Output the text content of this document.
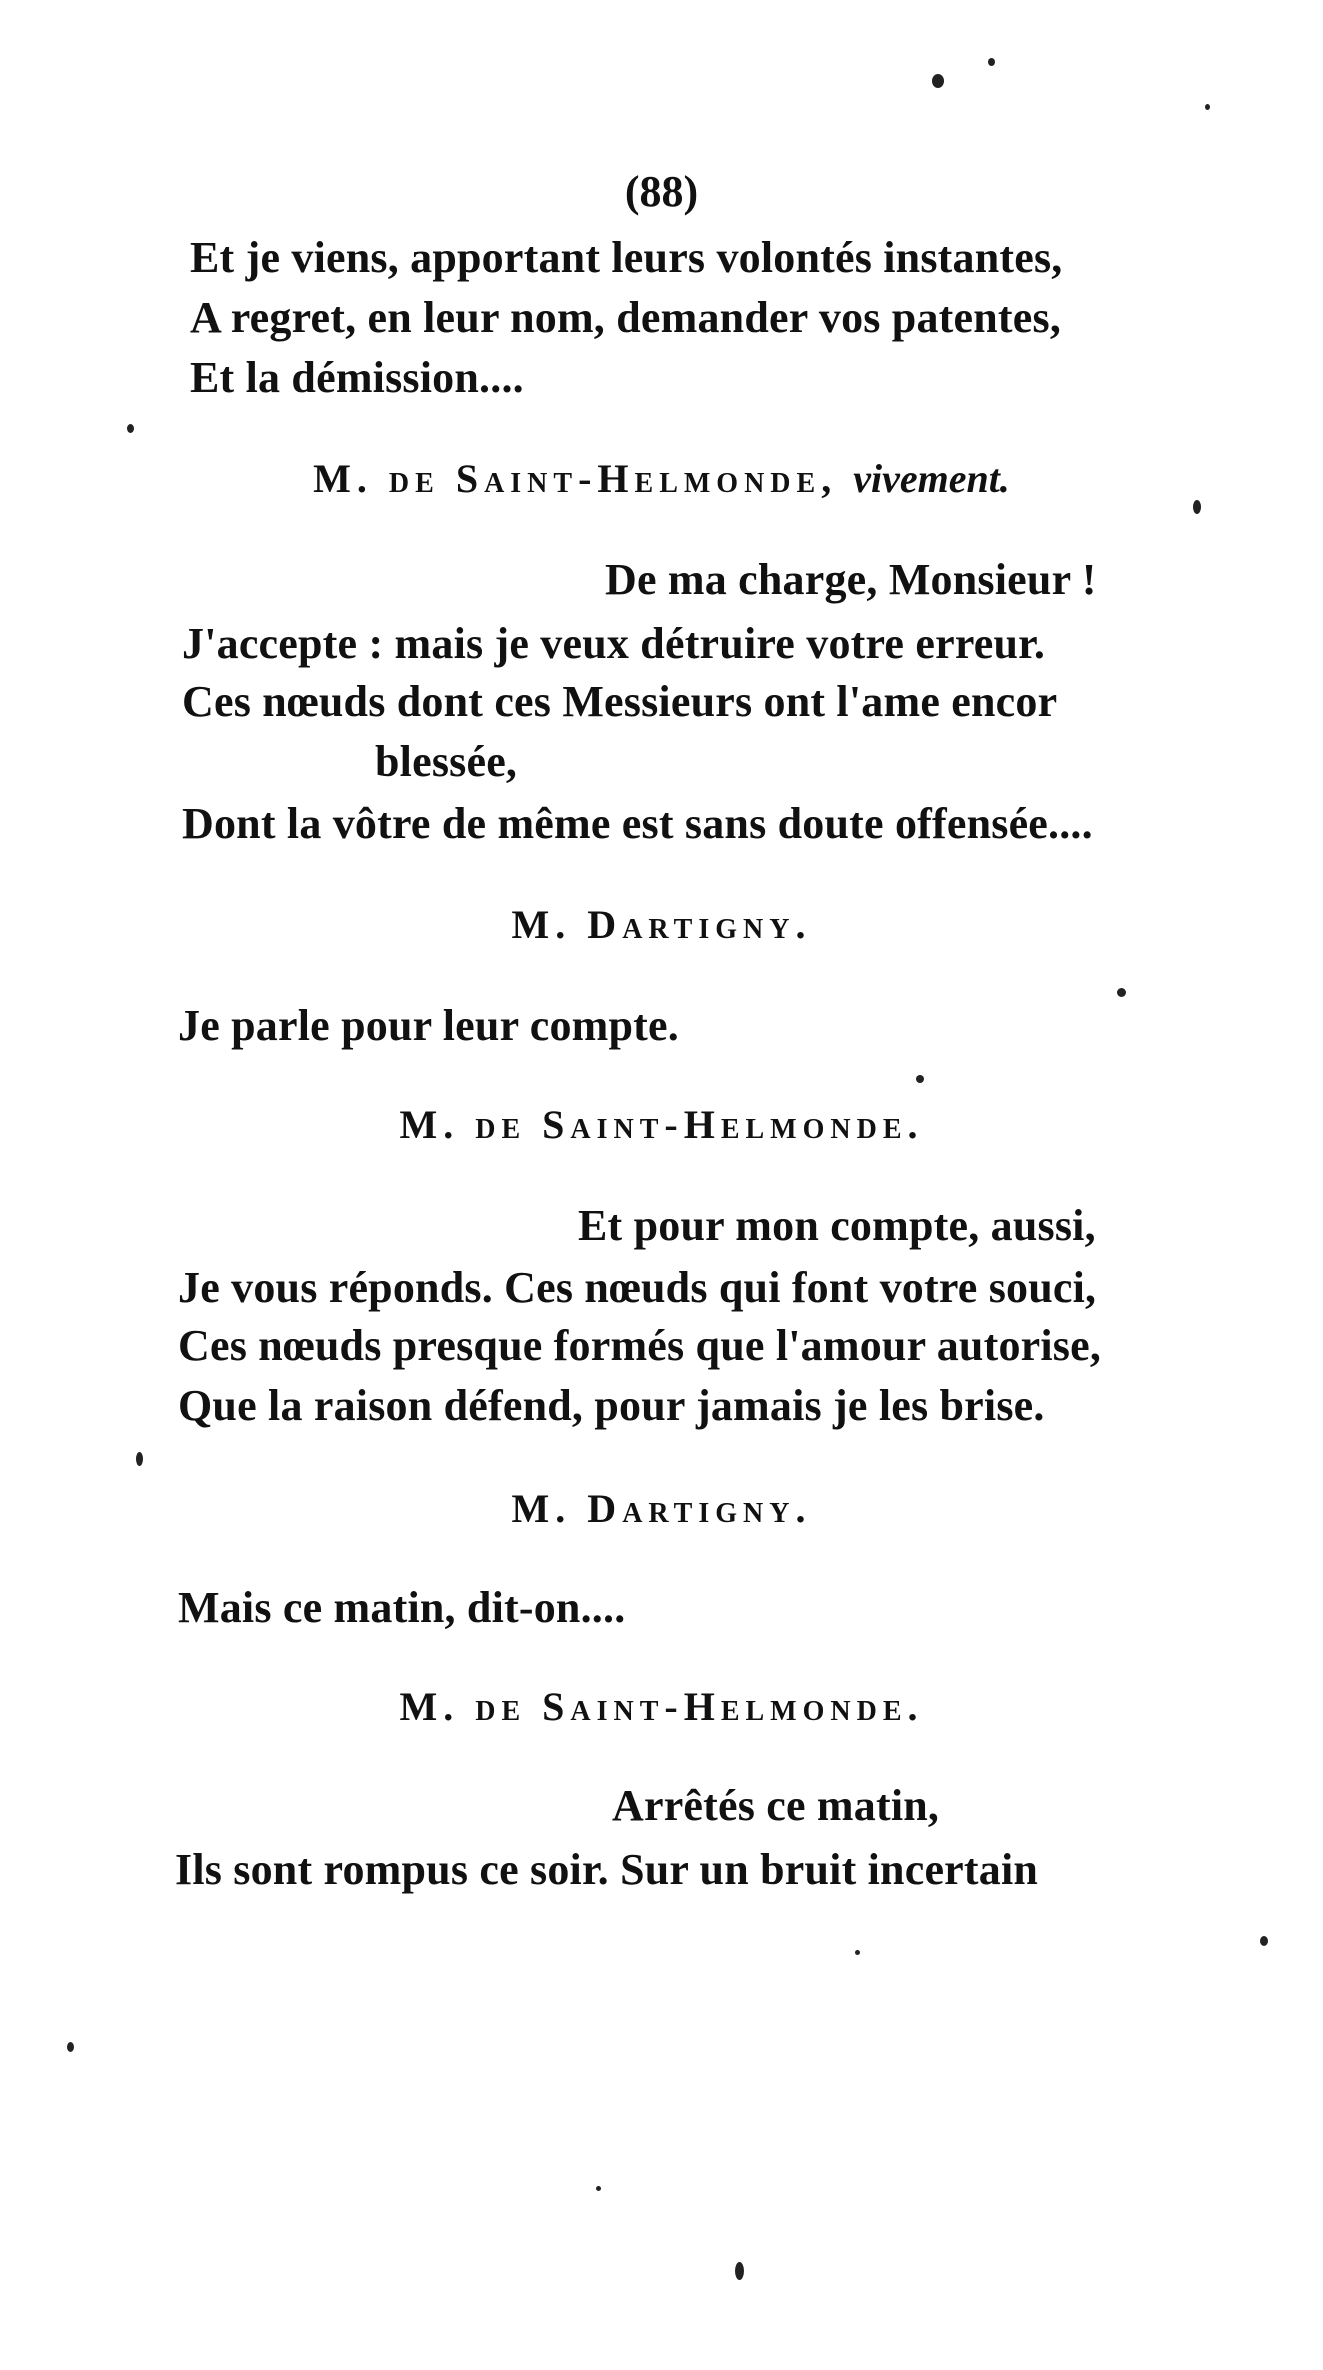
(88)
Et je viens, apportant leurs volontés instantes,
A regret, en leur nom, demander vos patentes,
Et la démission....
M. de Saint-Helmonde, vivement.
De ma charge, Monsieur !
J'accepte : mais je veux détruire votre erreur.
Ces nœuds dont ces Messieurs ont l'ame encor
blessée,
Dont la vôtre de même est sans doute offensée....
M. Dartigny.
Je parle pour leur compte.
M. de Saint-Helmonde.
Et pour mon compte, aussi,
Je vous réponds. Ces nœuds qui font votre souci,
Ces nœuds presque formés que l'amour autorise,
Que la raison défend, pour jamais je les brise.
M. Dartigny.
Mais ce matin, dit-on....
M. de Saint-Helmonde.
Arrêtés ce matin,
Ils sont rompus ce soir. Sur un bruit incertain
